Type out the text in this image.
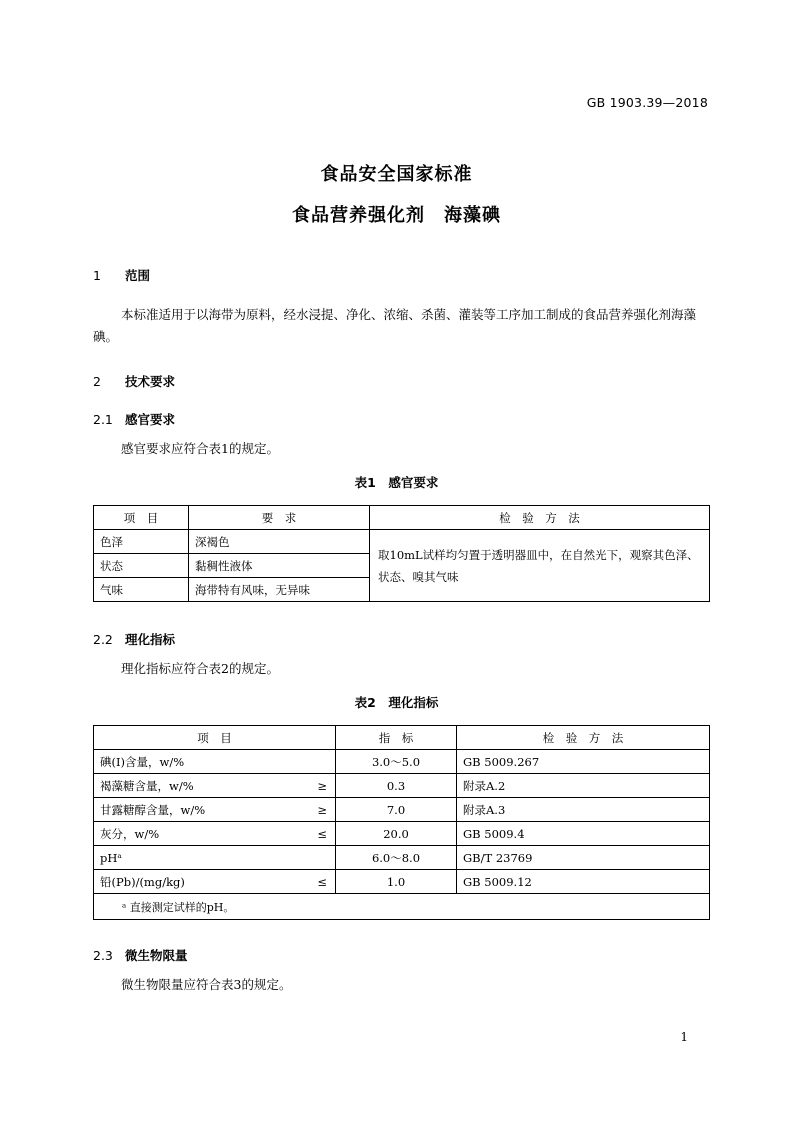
GB 1903.39—2018
食品安全国家标准
食品营养强化剂　海藻碘
1 范围
本标准适用于以海带为原料，经水浸提、净化、浓缩、杀菌、灌装等工序加工制成的食品营养强化剂海藻碘。
2 技术要求
2.1 感官要求
感官要求应符合表1的规定。
表1　感官要求
项　目	要　求	检　验　方　法
色泽	深褐色	取10mL试样均匀置于透明器皿中，在自然光下，观察其色泽、状态、嗅其气味
状态	黏稠性液体	
气味	海带特有风味，无异味	
2.2 理化指标
理化指标应符合表2的规定。
表2　理化指标
项　目		指　标	检　验　方　法
碘(I)含量，w/%		3.0～5.0	GB 5009.267
褐藻糖含量，w/%	≥	0.3	附录A.2
甘露糖醇含量，w/%	≥	7.0	附录A.3
灰分，w/%	≤	20.0	GB 5009.4
pHᵃ		6.0～8.0	GB/T 23769
铅(Pb)/(mg/kg)	≤	1.0	GB 5009.12
ᵃ 直接测定试样的pH。			
2.3 微生物限量
微生物限量应符合表3的规定。
1
